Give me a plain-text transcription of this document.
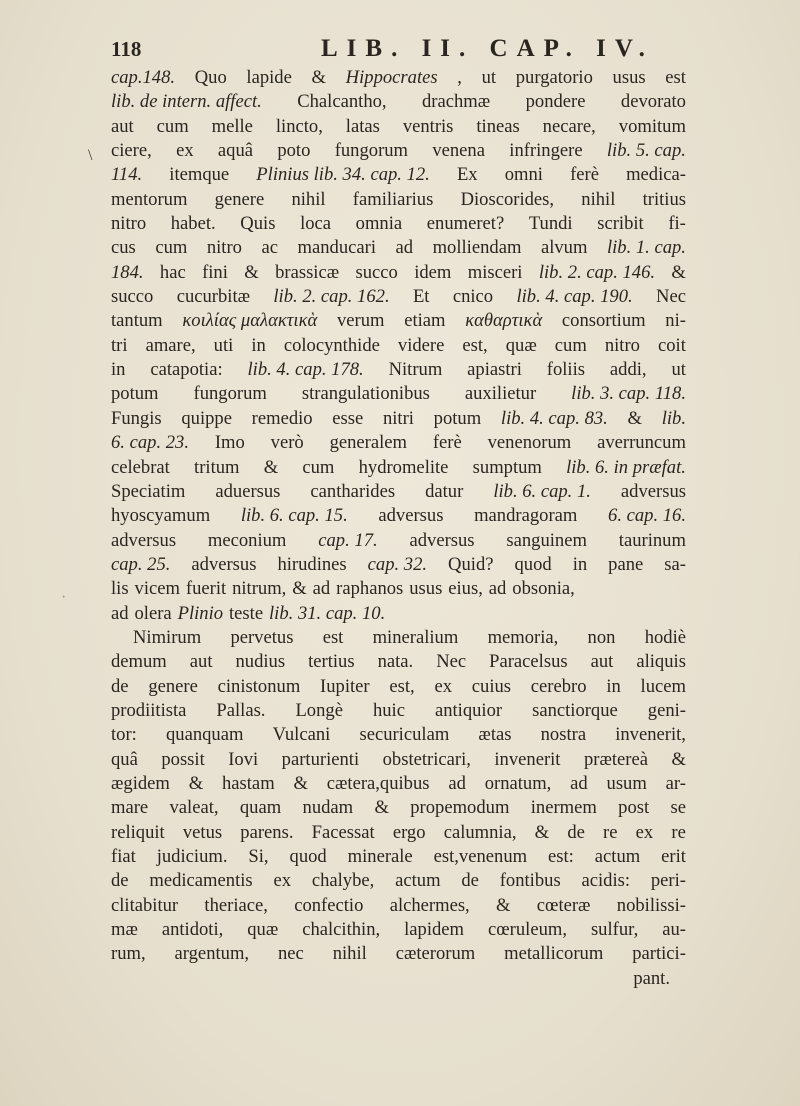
118	LIB. II. CAP. IV.
\
·
cap.148. Quo lapide & Hippocrates , ut purgatorio usus est
lib. de intern. affect. Chalcantho, drachmæ pondere devorato
aut cum melle lincto, latas ventris tineas necare, vomitum
ciere, ex aquâ poto fungorum venena infringere lib. 5. cap.
114. itemque Plinius lib. 34. cap. 12. Ex omni ferè medica-
mentorum genere nihil familiarius Dioscorides, nihil tritius
nitro habet. Quis loca omnia enumeret? Tundi scribit fi-
cus cum nitro ac manducari ad molliendam alvum lib. 1. cap.
184. hac fini & brassicæ succo idem misceri lib. 2. cap. 146. &
succo cucurbitæ lib. 2. cap. 162. Et cnico lib. 4. cap. 190. Nec
tantum κοιλίας μαλακτικὰ verum etiam καθαρτικὰ consortium ni-
tri amare, uti in colocynthide videre est, quæ cum nitro coit
in catapotia: lib. 4. cap. 178. Nitrum apiastri foliis addi, ut
potum fungorum strangulationibus auxilietur lib. 3. cap. 118.
Fungis quippe remedio esse nitri potum lib. 4. cap. 83. & lib.
6. cap. 23. Imo verò generalem ferè venenorum averruncum
celebrat tritum & cum hydromelite sumptum lib. 6. in præfat.
Speciatim aduersus cantharides datur lib. 6. cap. 1. adversus
hyoscyamum lib. 6. cap. 15. adversus mandragoram 6. cap. 16.
adversus meconium cap. 17. adversus sanguinem taurinum
cap. 25. adversus hirudines cap. 32. Quid? quod in pane sa-
lis vicem fuerit nitrum, & ad raphanos usus eius, ad obsonia,
ad olera Plinio teste lib. 31. cap. 10.
Nimirum pervetus est mineralium memoria, non hodiè
demum aut nudius tertius nata. Nec Paracelsus aut aliquis
de genere cinistonum Iupiter est, ex cuius cerebro in lucem
prodiitista Pallas. Longè huic antiquior sanctiorque geni-
tor: quanquam Vulcani securiculam ætas nostra invenerit,
quâ possit Iovi parturienti obstetricari, invenerit prætereà &
ægidem & hastam & cætera,quibus ad ornatum, ad usum ar-
mare valeat, quam nudam & propemodum inermem post se
reliquit vetus parens. Facessat ergo calumnia, & de re ex re
fiat judicium. Si, quod minerale est,venenum est: actum erit
de medicamentis ex chalybe, actum de fontibus acidis: peri-
clitabitur theriace, confectio alchermes, & cœteræ nobilissi-
mæ antidoti, quæ chalcithin, lapidem cœruleum, sulfur, au-
rum, argentum, nec nihil cæterorum metallicorum partici-
pant.
